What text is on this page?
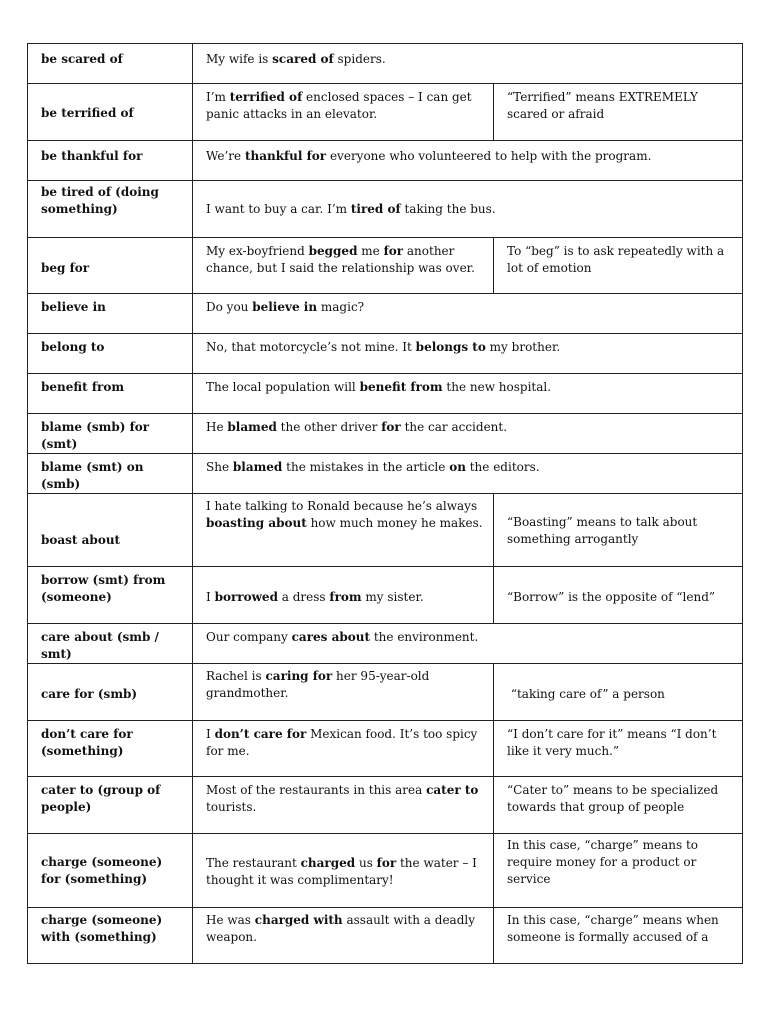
be scared of	My wife is scared of spiders.	

be terrified of	I’m terrified of enclosed spaces – I can get panic attacks in an elevator.	“Terrified” means EXTREMELY scared or afraid

be thankful for	We’re thankful for everyone who volunteered to help with the program.	

be tired of (doing something)	I want to buy a car. I’m tired of taking the bus.	

beg for	My ex-boyfriend begged me for another chance, but I said the relationship was over.	To “beg” is to ask repeatedly with a lot of emotion

believe in	Do you believe in magic?	

belong to	No, that motorcycle’s not mine. It belongs to my brother.	

benefit from	The local population will benefit from the new hospital.	

blame (smb) for (smt)	He blamed the other driver for the car accident.	

blame (smt) on (smb)	She blamed the mistakes in the article on the editors.	

boast about	I hate talking to Ronald because he’s always boasting about how much money he makes.	“Boasting” means to talk about something arrogantly

borrow (smt) from (someone)	I borrowed a dress from my sister.	“Borrow” is the opposite of “lend”

care about (smb / smt)	Our company cares about the environment.	

care for (smb)	Rachel is caring for her 95-year-old grandmother.	“taking care of” a person

don’t care for (something)	I don’t care for Mexican food. It’s too spicy for me.	“I don’t care for it” means “I don’t like it very much.”

cater to (group of people)	Most of the restaurants in this area cater to tourists.	“Cater to” means to be specialized towards that group of people

charge (someone) for (something)	The restaurant charged us for the water – I thought it was complimentary!	In this case, “charge” means to require money for a product or service

charge (someone) with (something)	He was charged with assault with a deadly weapon.	In this case, “charge” means when someone is formally accused of a
